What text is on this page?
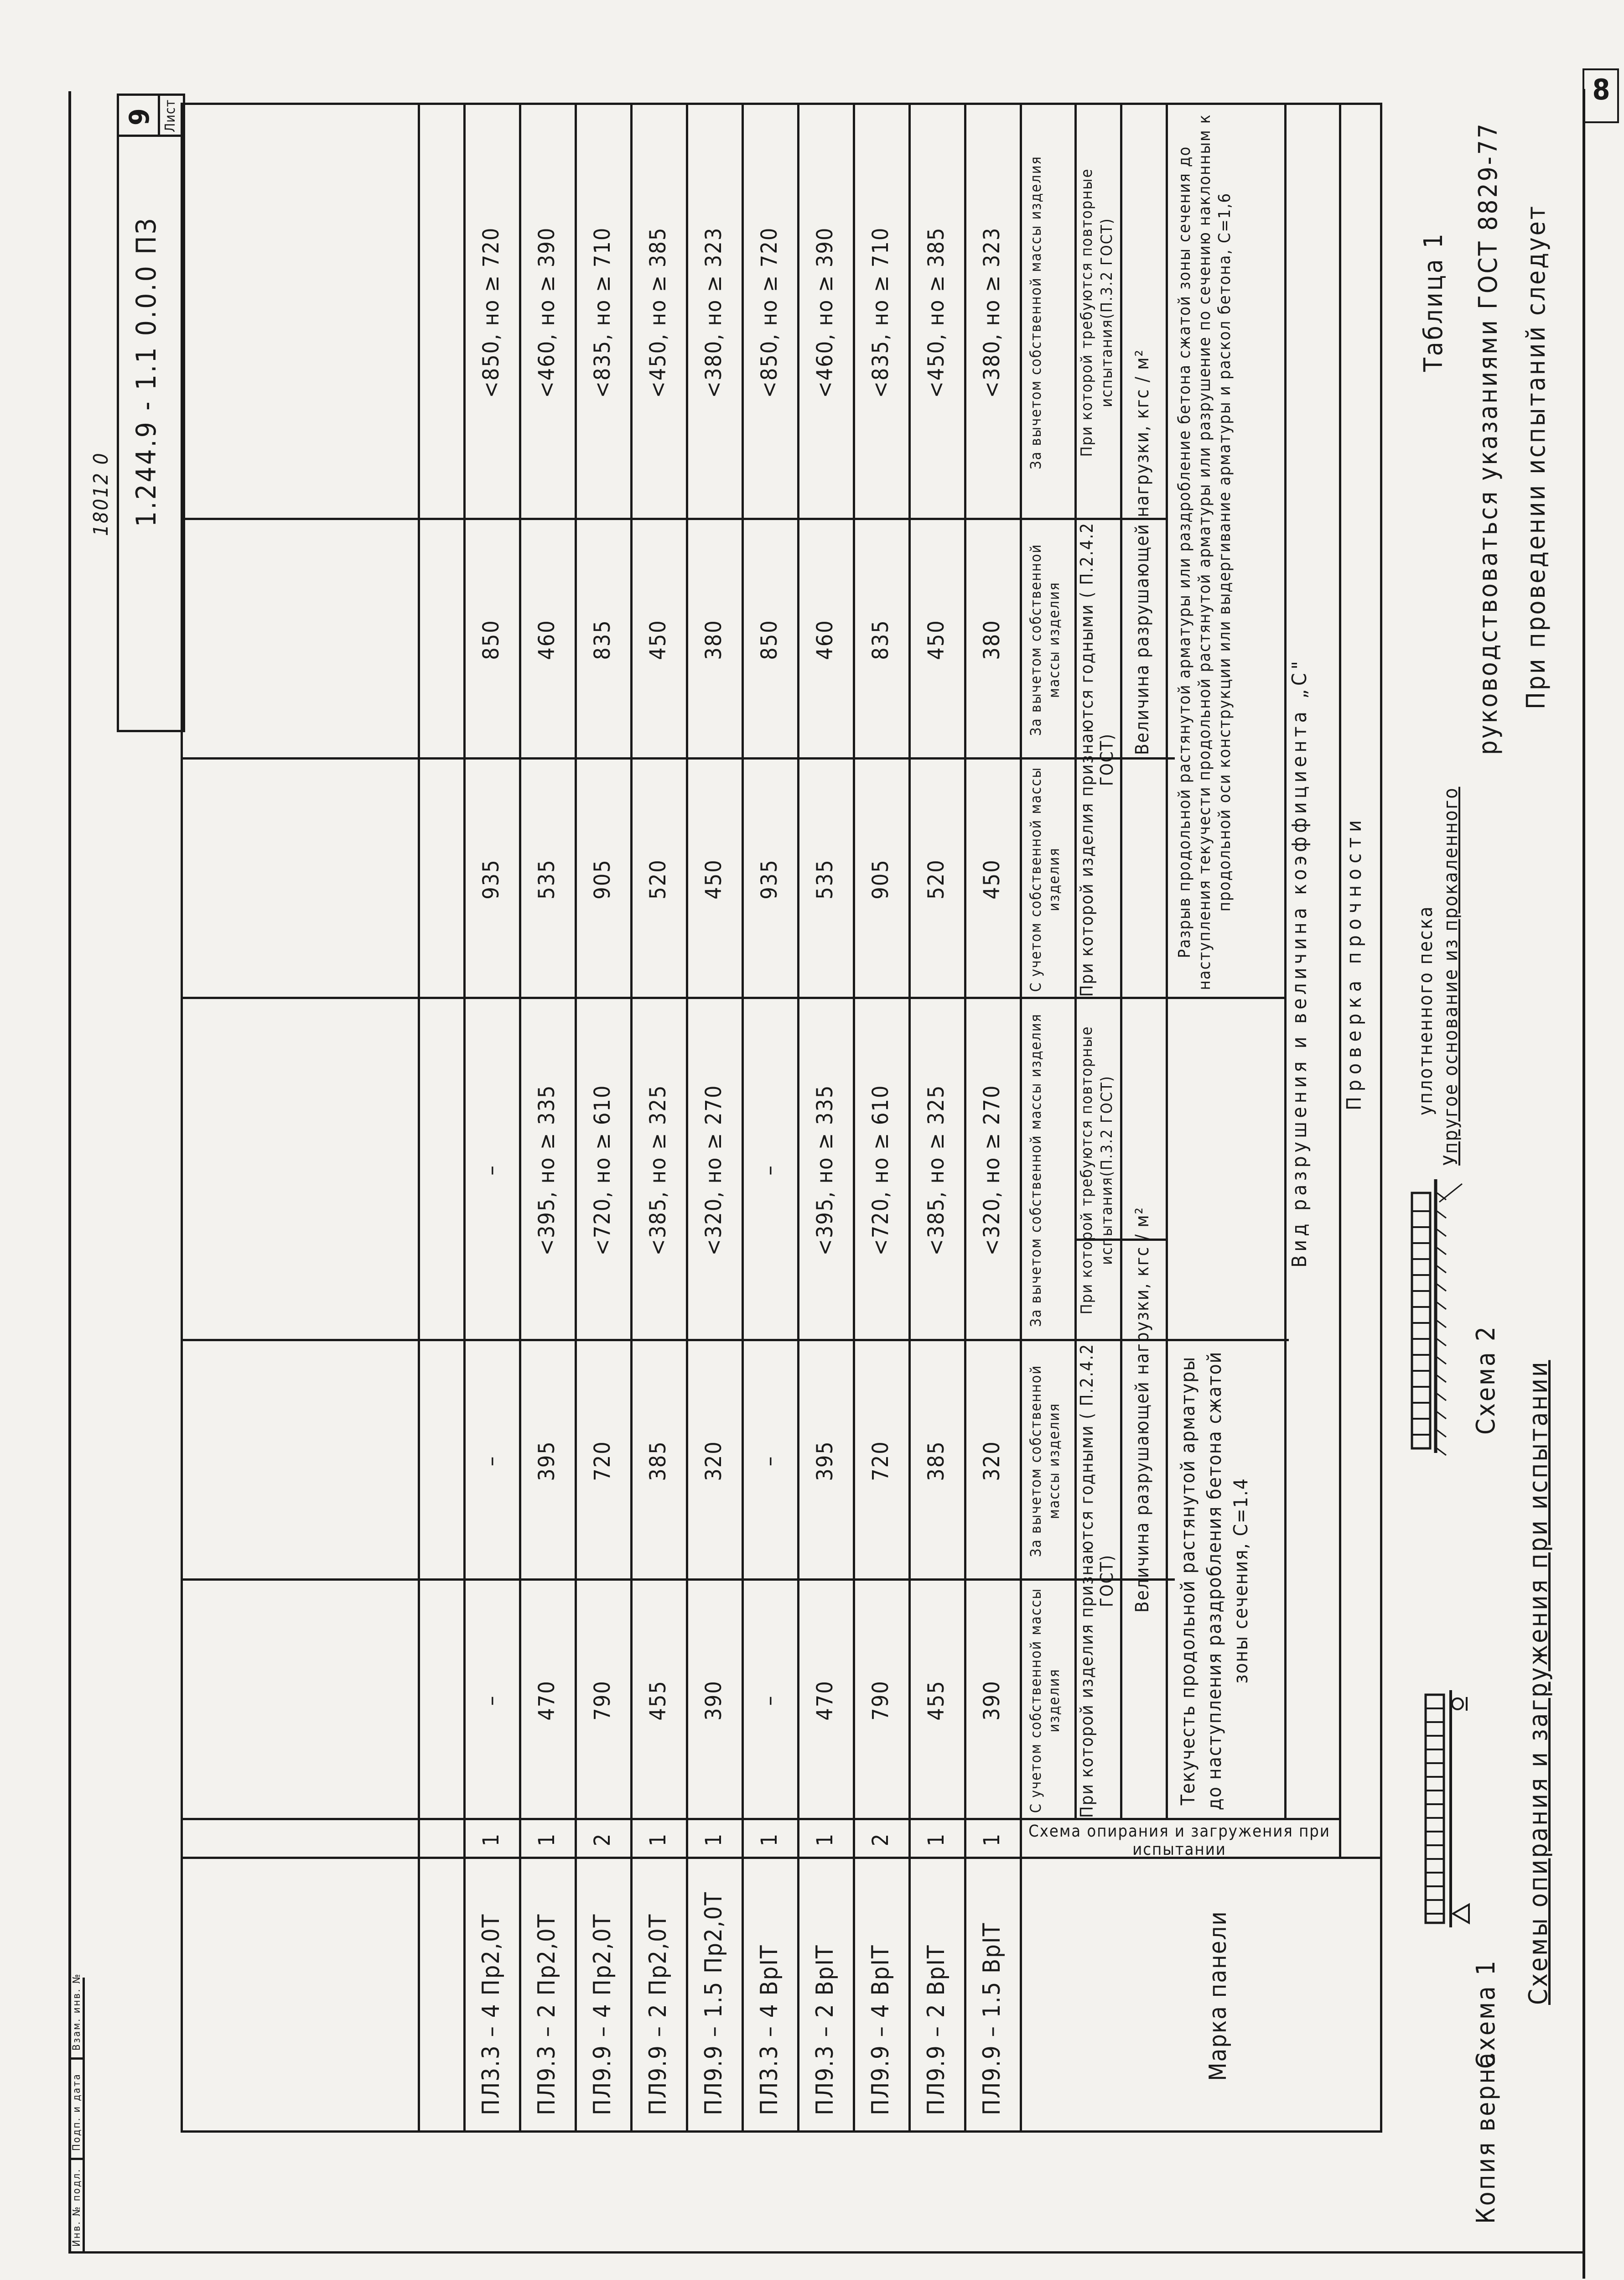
8
Копия верна
Схемы опирания и загружения при испытании
Схема 1
Схема 2
Упругое основание из прокаленного
уплотненного песка
При проведении испытаний следует
руководствоваться указаниями ГОСТ 8829-77
Таблица 1
Марка панели
Схема опирания и загружения при испытании
Проверка прочности
Вид разрушения и величина коэффициента „С"
Текучесть продольной растянутой арматуры до наступления раздробления бетона сжатой зоны сечения, С=1.4
Разрыв продольной растянутой арматуры или раздробление бетона сжатой зоны сечения до наступления текучести продольной растянутой арматуры или разрушение по сечению наклонным к продольной оси конструкции или выдергивание арматуры и раскол бетона, С=1,6
Величина разрушающей нагрузки, кгс / м²
Величина разрушающей нагрузки, кгс / м²
При которой изделия признаются годными ( П.2.4.2 ГОСТ)
При которой требуются повторные испытания(П.3.2 ГОСТ)
При которой изделия признаются годными ( П.2.4.2 ГОСТ)
При которой требуются повторные испытания(П.3.2 ГОСТ)
С учетом собственной массы изделия
За вычетом собственной массы изделия
За вычетом собственной массы изделия
С учетом собственной массы изделия
За вычетом собственной массы изделия
За вычетом собственной массы изделия
ПЛ9.9 – 1.5 ВрIТ
1
390
320
<320, но ≥ 270
450
380
<380, но ≥ 323
ПЛ9.9 – 2 ВрIТ
1
455
385
<385, но ≥ 325
520
450
<450, но ≥ 385
ПЛ9.9 – 4 ВрIТ
2
790
720
<720, но ≥ 610
905
835
<835, но ≥ 710
ПЛ9.3 – 2 ВрIТ
1
470
395
<395, но ≥ 335
535
460
<460, но ≥ 390
ПЛ3.3 – 4 ВрIТ
1
–
–
–
935
850
<850, но ≥ 720
ПЛ9.9 – 1.5 Пр2,0Т
1
390
320
<320, но ≥ 270
450
380
<380, но ≥ 323
ПЛ9.9 – 2 Пр2,0Т
1
455
385
<385, но ≥ 325
520
450
<450, но ≥ 385
ПЛ9.9 – 4 Пр2,0Т
2
790
720
<720, но ≥ 610
905
835
<835, но ≥ 710
ПЛ9.3 – 2 Пр2,0Т
1
470
395
<395, но ≥ 335
535
460
<460, но ≥ 390
ПЛ3.3 – 4 Пр2,0Т
1
–
–
–
935
850
<850, но ≥ 720
1.244.9 - 1.1 0.0.0 ПЗ
Лист
9
18012 0
Инв. № подл.
Подп. и дата
Взам. инв. №
